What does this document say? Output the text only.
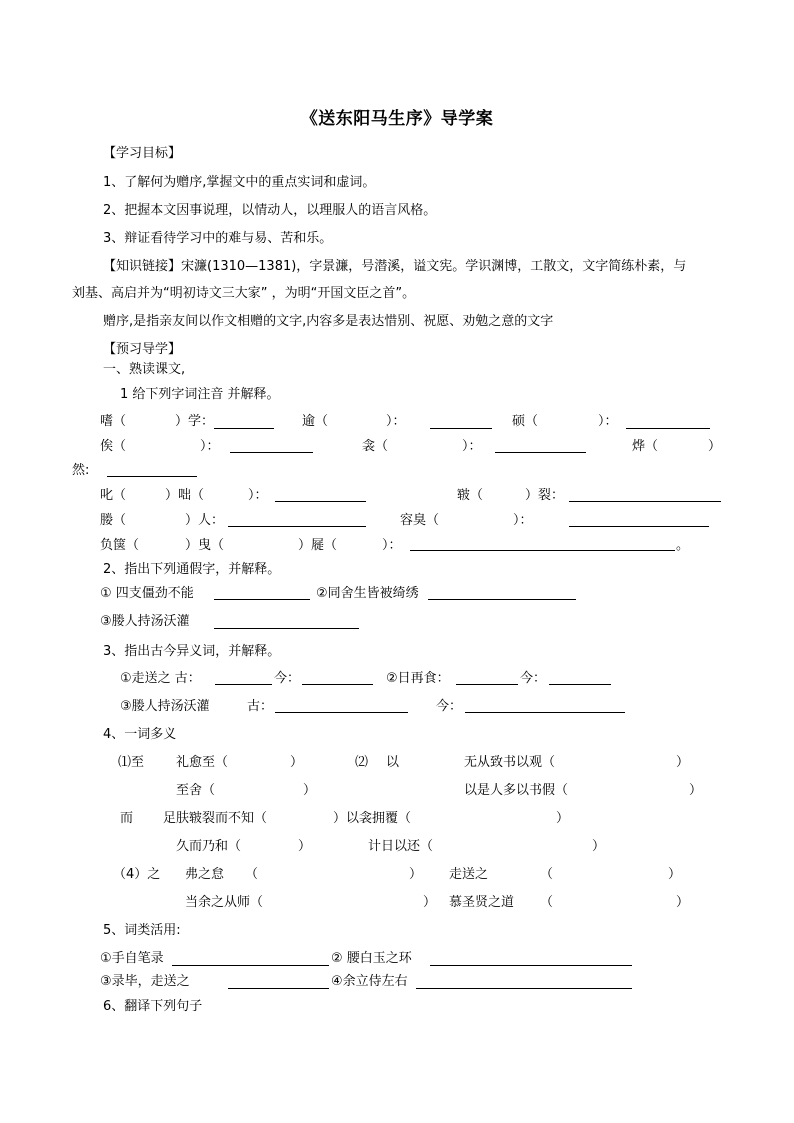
《送东阳马生序》导学案
【学习目标】
1、了解何为赠序,掌握文中的重点实词和虚词。
2、把握本文因事说理，以情动人，以理服人的语言风格。
3、辩证看待学习中的难与易、苦和乐。
【知识链接】宋濂(1310—1381)，字景濂，号潜溪，谥文宪。学识渊博，工散文，文字简练朴素，与
刘基、高启并为“明初诗文三大家” ，为明“开国文臣之首”。
赠序,是指亲友间以作文相赠的文字,内容多是表达惜别、祝愿、劝勉之意的文字
【预习导学】
一、熟读课文,
1 给下列字词注音 并解释。
嗜（	）学：	逾（	）：	硕（	）：
俟（	）：	衾（	）：	烨（	）
然:
叱（	）咄（	）：	皲（	）裂：
媵（	）人：	容臭（	）：
负箧（	）曳（	）屣（	）：	。
2、指出下列通假字，并解释。
① 四支僵劲不能	②同舍生皆被绮绣
③媵人持汤沃灌
3、指出古今异义词，并解释。
①走送之 古：	今：	②日再食：	今：
③媵人持汤沃灌	古：	今：
4、一词多义
⑴至 礼愈至（	）	⑵ 以	无从致书以观（	）
至舍（	）	以是人多以书假（	）
而 足肤皲裂而不知（	）以衾拥覆（	）
久而乃和（	）	计日以还（	）
（4）之 弗之怠 （	） 走送之	（	）
当余之从师（	） 慕圣贤之道 （	）
5、词类活用:
①手自笔录	② 腰白玉之环
③录毕，走送之	④余立侍左右
6、翻译下列句子
